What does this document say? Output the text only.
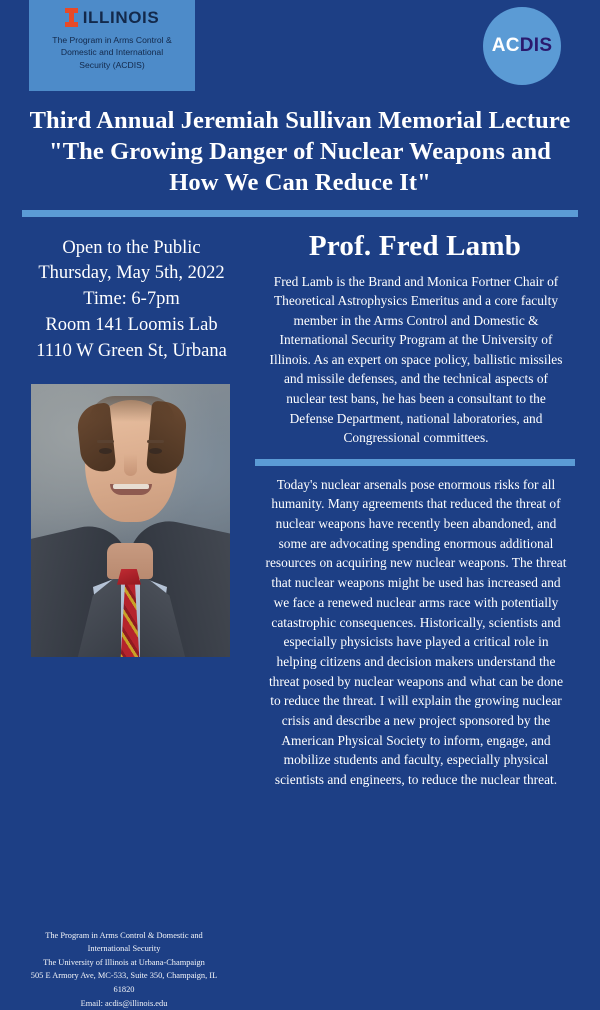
ILLINOIS
The Program in Arms Control &
Domestic and International
Security (ACDIS)
ACDIS
Third Annual Jeremiah Sullivan Memorial Lecture
"The Growing Danger of Nuclear Weapons and
How We Can Reduce It"
Open to the Public
Thursday, May 5th, 2022
Time: 6-7pm
Room 141 Loomis Lab
1110 W Green St, Urbana
The Program in Arms Control & Domestic and
International Security
The University of Illinois at Urbana-Champaign
505 E Armory Ave, MC-533, Suite 350, Champaign, IL
61820
Email: acdis@illinois.edu
Prof. Fred Lamb
Fred Lamb is the Brand and Monica Fortner Chair of Theoretical Astrophysics Emeritus and a core faculty member in the Arms Control and Domestic & International Security Program at the University of Illinois. As an expert on space policy, ballistic missiles and missile defenses, and the technical aspects of nuclear test bans, he has been a consultant to the Defense Department, national laboratories, and Congressional committees.
Today's nuclear arsenals pose enormous risks for all humanity. Many agreements that reduced the threat of nuclear weapons have recently been abandoned, and some are advocating spending enormous additional resources on acquiring new nuclear weapons. The threat that nuclear weapons might be used has increased and we face a renewed nuclear arms race with potentially catastrophic consequences. Historically, scientists and especially physicists have played a critical role in helping citizens and decision makers understand the threat posed by nuclear weapons and what can be done to reduce the threat. I will explain the growing nuclear crisis and describe a new project sponsored by the American Physical Society to inform, engage, and mobilize students and faculty, especially physical scientists and engineers, to reduce the nuclear threat.
